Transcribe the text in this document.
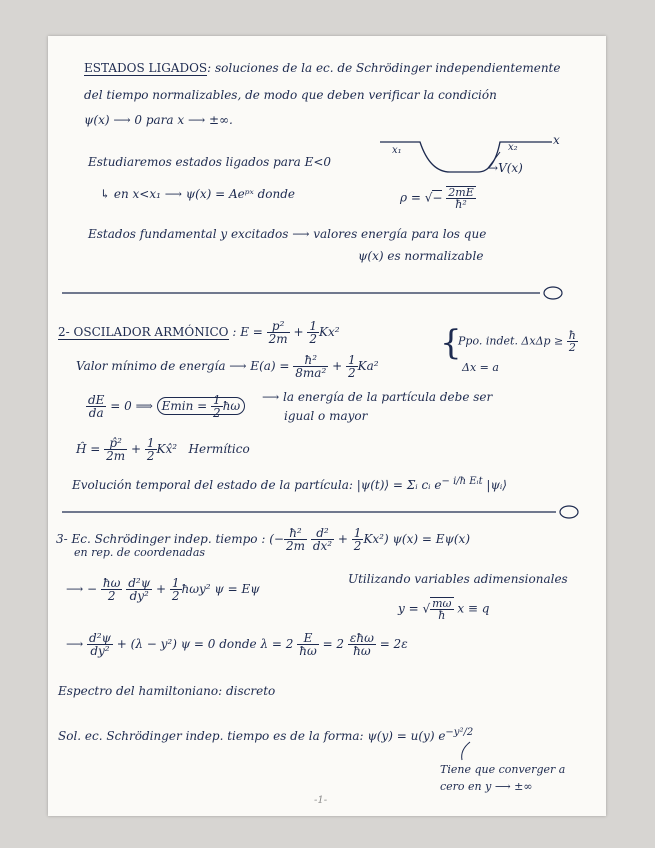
ESTADOS LIGADOS: soluciones de la ec. de Schrödinger independientemente
del tiempo normalizables, de modo que deben verificar la condición
ψ(x) ⟶ 0 para x ⟶ ±∞.
Estudiaremos estados ligados para E<0
↳ en x<x₁ ⟶ ψ(x) = Aeᵖˣ donde	ρ = √− $\frac{2mE}{\text{ħ²}}$
x
x₁	x₂
→V(x)
Estados fundamental y excitados ⟶ valores energía para los que
ψ(x) es normalizable
2- OSCILADOR ARMÓNICO : $E = \frac{\text{p²}}{2m} + \frac{1}{2} Kx^2$	{
Ppo. indet. $\Delta x\Delta p \ge \frac{ħ}{2}$
Δx = a
Valor mínimo de energía ⟶ $E(a) = \frac{\text{ħ²}}{\text{8ma²}} + \frac{1}{2} Ka^2$
$\frac{dE}{da} = 0$ ⟹ $Emin = \frac{1}{2}$ ħω
⟶ la energía de la partícula debe ser
igual o mayor
Ĥ = $\frac{\text{p̂²}}{2m} + \frac{1}{2}$ Kx̂² Hermítico
Evolución temporal del estado de la partícula: |ψ(t)⟩ = Σᵢ cᵢ $e^{- i/ħ Eᵢt}$ |ψᵢ⟩
3- Ec. Schrödinger indep. tiempo : (− $\frac{\text{ħ²}}{2m}$
$\frac{\text{d²}}{\text{dx²}} + \frac{1}{2} Kx^2$) ψ(x) = Eψ(x)
en rep. de coordenadas
⟶ − $\frac{ħ\omega}{2}$
$\frac{\text{d²ψ}}{\text{dy²}} + \frac{1}{2}$ ħωy² ψ = Eψ
Utilizando variables adimensionales
y = √ $\frac{m\omega}{ħ}$ x ≡ q
⟶ $\frac{\text{d²ψ}}{\text{dy²}} + (\lambda - y^2) \psi = 0$ donde $\lambda = 2 \frac{E}{ħ\omega} = 2 \frac{\text{εħω}}{ħ\omega} = 2\varepsilon$
Espectro del hamiltoniano: discreto
Sol. ec. Schrödinger indep. tiempo es de la forma: ψ(y) = u(y) $e^{-y^2/2}$
Tiene que converger a
cero en y ⟶ ±∞
-1-
